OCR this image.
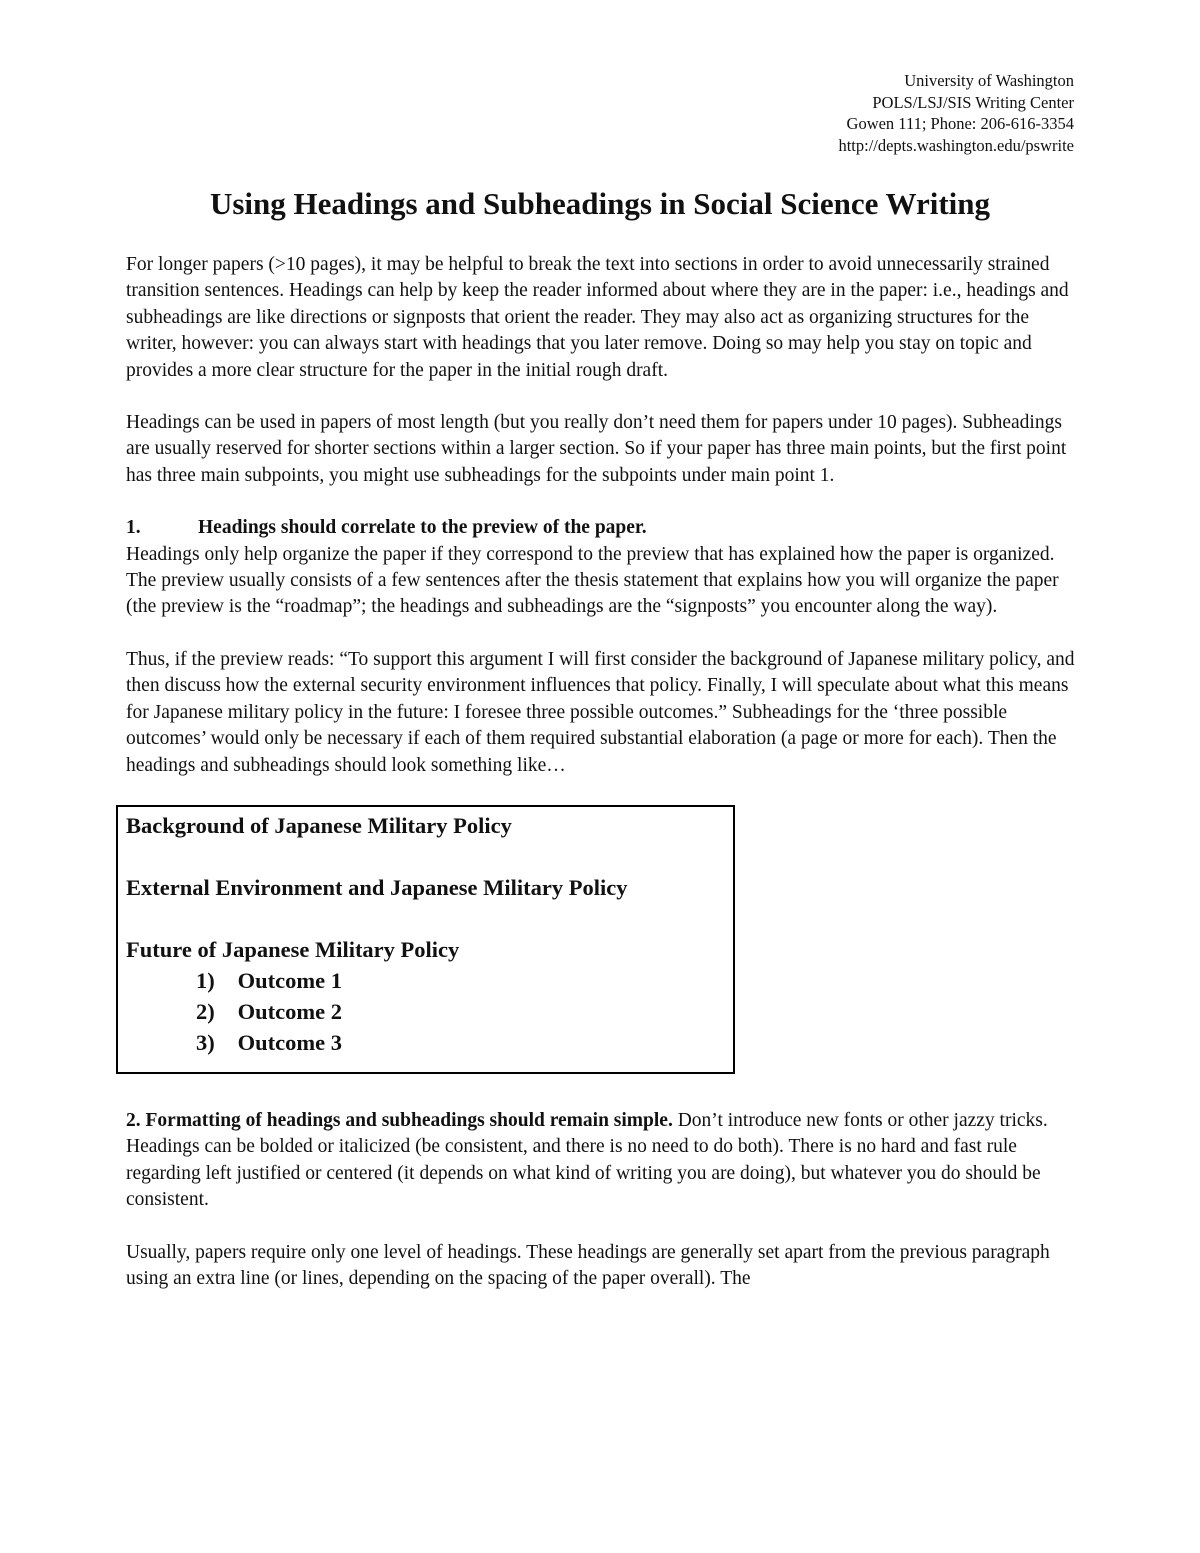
University of Washington
POLS/LSJ/SIS Writing Center
Gowen 111; Phone: 206-616-3354
http://depts.washington.edu/pswrite
Using Headings and Subheadings in Social Science Writing

For longer papers (>10 pages), it may be helpful to break the text into sections in order to avoid unnecessarily strained transition sentences. Headings can help by keep the reader informed about where they are in the paper: i.e., headings and subheadings are like directions or signposts that orient the reader. They may also act as organizing structures for the writer, however: you can always start with headings that you later remove. Doing so may help you stay on topic and provides a more clear structure for the paper in the initial rough draft.

Headings can be used in papers of most length (but you really don’t need them for papers under 10 pages). Subheadings are usually reserved for shorter sections within a larger section. So if your paper has three main points, but the first point has three main subpoints, you might use subheadings for the subpoints under main point 1.

1.	Headings should correlate to the preview of the paper.

Headings only help organize the paper if they correspond to the preview that has explained how the paper is organized. The preview usually consists of a few sentences after the thesis statement that explains how you will organize the paper (the preview is the “roadmap”; the headings and subheadings are the “signposts” you encounter along the way).

Thus, if the preview reads: “To support this argument I will first consider the background of Japanese military policy, and then discuss how the external security environment influences that policy. Finally, I will speculate about what this means for Japanese military policy in the future: I foresee three possible outcomes.” Subheadings for the ‘three possible outcomes’ would only be necessary if each of them required substantial elaboration (a page or more for each). Then the headings and subheadings should look something like…

Background of Japanese Military Policy
External Environment and Japanese Military Policy
Future of Japanese Military Policy
1) Outcome 1
2) Outcome 2
3) Outcome 3

2. Formatting of headings and subheadings should remain simple. Don’t introduce new fonts or other jazzy tricks. Headings can be bolded or italicized (be consistent, and there is no need to do both). There is no hard and fast rule regarding left justified or centered (it depends on what kind of writing you are doing), but whatever you do should be consistent.

Usually, papers require only one level of headings. These headings are generally set apart from the previous paragraph using an extra line (or lines, depending on the spacing of the paper overall). The
